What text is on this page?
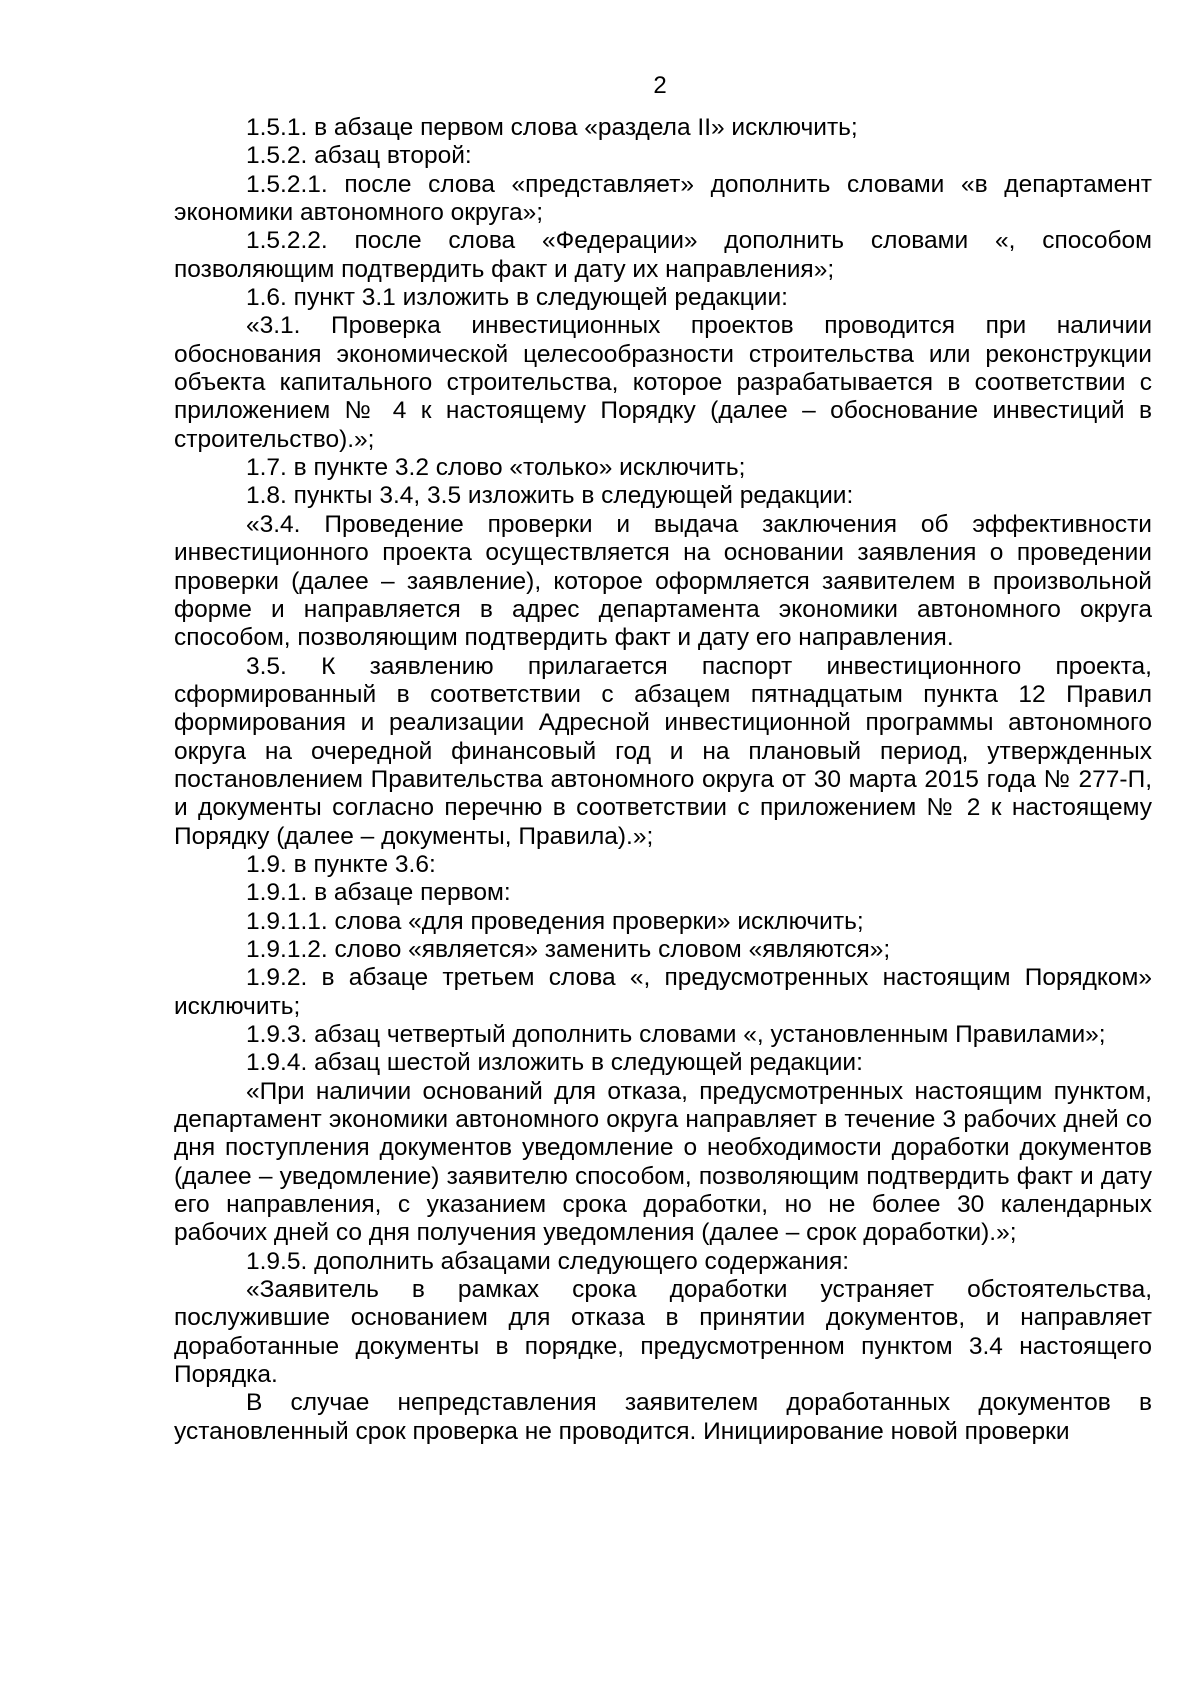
2

1.5.1. в абзаце первом слова «раздела II» исключить;

1.5.2. абзац второй:

1.5.2.1. после слова «представляет» дополнить словами «в департамент экономики автономного округа»;

1.5.2.2. после слова «Федерации» дополнить словами «, способом позволяющим подтвердить факт и дату их направления»;

1.6. пункт 3.1 изложить в следующей редакции:

«3.1. Проверка инвестиционных проектов проводится при наличии обоснования экономической целесообразности строительства или реконструкции объекта капитального строительства, которое разрабатывается в соответствии с приложением № 4 к настоящему Порядку (далее – обоснование инвестиций в строительство).»;

1.7. в пункте 3.2 слово «только» исключить;

1.8. пункты 3.4, 3.5 изложить в следующей редакции:

«3.4. Проведение проверки и выдача заключения об эффективности инвестиционного проекта осуществляется на основании заявления о проведении проверки (далее – заявление), которое оформляется заявителем в произвольной форме и направляется в адрес департамента экономики автономного округа способом, позволяющим подтвердить факт и дату его направления.

3.5. К заявлению прилагается паспорт инвестиционного проекта, сформированный в соответствии с абзацем пятнадцатым пункта 12 Правил формирования и реализации Адресной инвестиционной программы автономного округа на очередной финансовый год и на плановый период, утвержденных постановлением Правительства автономного округа от 30 марта 2015 года № 277-П, и документы согласно перечню в соответствии с приложением № 2 к настоящему Порядку (далее – документы, Правила).»;

1.9. в пункте 3.6:

1.9.1. в абзаце первом:

1.9.1.1. слова «для проведения проверки» исключить;

1.9.1.2. слово «является» заменить словом «являются»;

1.9.2. в абзаце третьем слова «, предусмотренных настоящим Порядком» исключить;

1.9.3. абзац четвертый дополнить словами «, установленным Правилами»;

1.9.4. абзац шестой изложить в следующей редакции:

«При наличии оснований для отказа, предусмотренных настоящим пунктом, департамент экономики автономного округа направляет в течение 3 рабочих дней со дня поступления документов уведомление о необходимости доработки документов (далее – уведомление) заявителю способом, позволяющим подтвердить факт и дату его направления, с указанием срока доработки, но не более 30 календарных рабочих дней со дня получения уведомления (далее – срок доработки).»;

1.9.5. дополнить абзацами следующего содержания:

«Заявитель в рамках срока доработки устраняет обстоятельства, послужившие основанием для отказа в принятии документов, и направляет доработанные документы в порядке, предусмотренном пунктом 3.4 настоящего Порядка.

В случае непредставления заявителем доработанных документов в установленный срок проверка не проводится. Инициирование новой проверки
